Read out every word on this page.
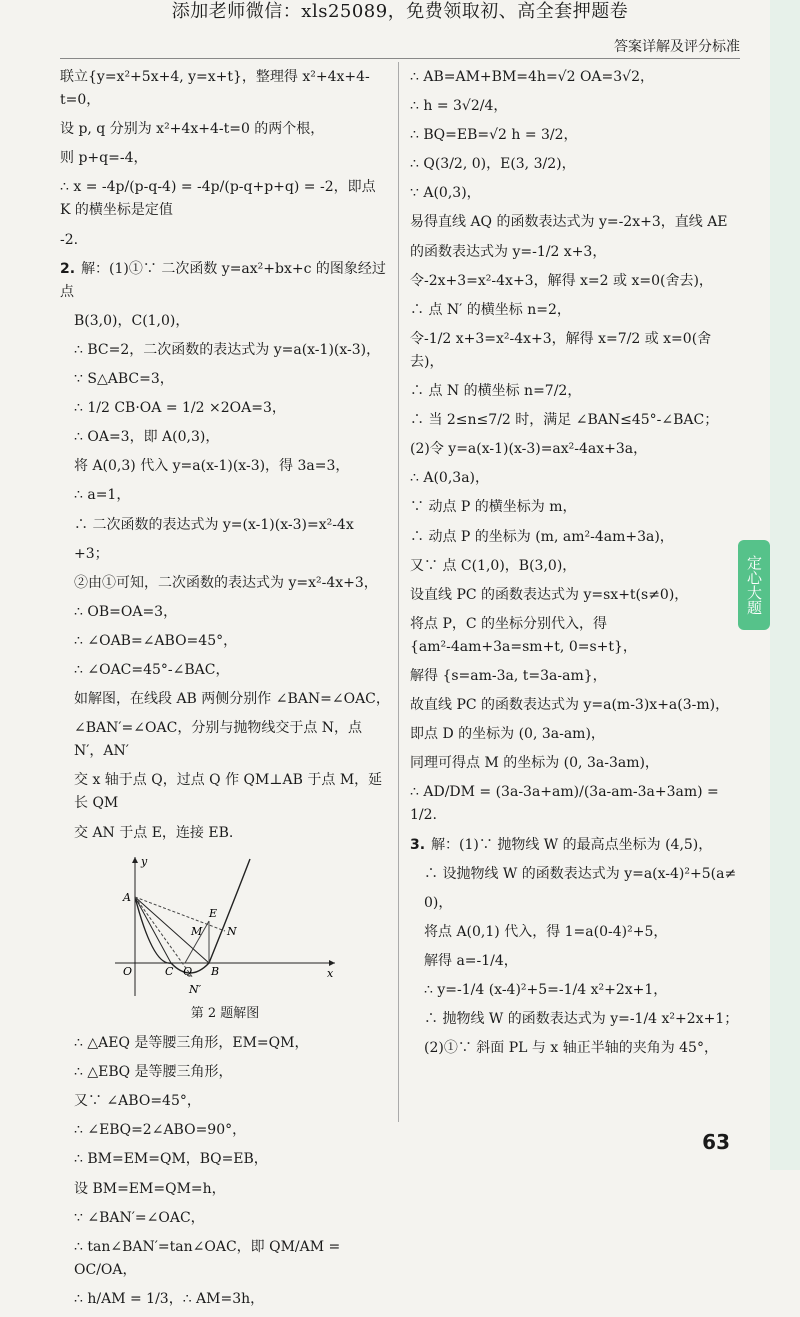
添加老师微信：xls25089，免费领取初、高全套押题卷
答案详解及评分标准

联立{y=x²+5x+4, y=x+t}，整理得 x²+4x+4-t=0，

设 p, q 分别为 x²+4x+4-t=0 的两个根，

则 p+q=-4，

∴ x = -4p/(p-q-4) = -4p/(p-q+p+q) = -2，即点 K 的横坐标是定值

-2.

2. 解：(1)①∵ 二次函数 y=ax²+bx+c 的图象经过点

B(3,0)，C(1,0)，

∴ BC=2，二次函数的表达式为 y=a(x-1)(x-3)，

∵ S△ABC=3，

∴ 1/2 CB·OA = 1/2 ×2OA=3，

∴ OA=3，即 A(0,3)，

将 A(0,3) 代入 y=a(x-1)(x-3)，得 3a=3，

∴ a=1，

∴ 二次函数的表达式为 y=(x-1)(x-3)=x²-4x

+3；

②由①可知，二次函数的表达式为 y=x²-4x+3，

∴ OB=OA=3，

∴ ∠OAB=∠ABO=45°，

∴ ∠OAC=45°-∠BAC，

如解图，在线段 AB 两侧分别作 ∠BAN=∠OAC，

∠BAN′=∠OAC，分别与抛物线交于点 N，点 N′，AN′

交 x 轴于点 Q，过点 Q 作 QM⊥AB 于点 M，延长 QM

交 AN 于点 E，连接 EB.

y
x
A
E
M N
O	C Q B
N′
第 2 题解图

∴ △AEQ 是等腰三角形，EM=QM，

∴ △EBQ 是等腰三角形，

又∵ ∠ABO=45°，

∴ ∠EBQ=2∠ABO=90°，

∴ BM=EM=QM，BQ=EB，

设 BM=EM=QM=h，

∵ ∠BAN′=∠OAC，

∴ tan∠BAN′=tan∠OAC，即 QM/AM = OC/OA，

∴ h/AM = 1/3，∴ AM=3h，

∴ AB=AM+BM=4h=√2 OA=3√2，

∴ h = 3√2/4，

∴ BQ=EB=√2 h = 3/2，

∴ Q(3/2, 0)，E(3, 3/2)，

∵ A(0,3)，

易得直线 AQ 的函数表达式为 y=-2x+3，直线 AE

的函数表达式为 y=-1/2 x+3，

令-2x+3=x²-4x+3，解得 x=2 或 x=0(舍去)，

∴ 点 N′ 的横坐标 n=2，

令-1/2 x+3=x²-4x+3，解得 x=7/2 或 x=0(舍去)，

∴ 点 N 的横坐标 n=7/2，

∴ 当 2≤n≤7/2 时，满足 ∠BAN≤45°-∠BAC；

(2)令 y=a(x-1)(x-3)=ax²-4ax+3a，

∴ A(0,3a)，

∵ 动点 P 的横坐标为 m，

∴ 动点 P 的坐标为 (m, am²-4am+3a)，

又∵ 点 C(1,0)，B(3,0)，

设直线 PC 的函数表达式为 y=sx+t(s≠0)，

将点 P，C 的坐标分别代入，得 {am²-4am+3a=sm+t, 0=s+t}，

解得 {s=am-3a, t=3a-am}，

故直线 PC 的函数表达式为 y=a(m-3)x+a(3-m)，

即点 D 的坐标为 (0, 3a-am)，

同理可得点 M 的坐标为 (0, 3a-3am)，

∴ AD/DM = (3a-3a+am)/(3a-am-3a+3am) = 1/2.

3. 解：(1)∵ 抛物线 W 的最高点坐标为 (4,5)，

∴ 设抛物线 W 的函数表达式为 y=a(x-4)²+5(a≠

0)，

将点 A(0,1) 代入，得 1=a(0-4)²+5，

解得 a=-1/4，

∴ y=-1/4 (x-4)²+5=-1/4 x²+2x+1，

∴ 抛物线 W 的函数表达式为 y=-1/4 x²+2x+1；

(2)①∵ 斜面 PL 与 x 轴正半轴的夹角为 45°，

定心大题
63
